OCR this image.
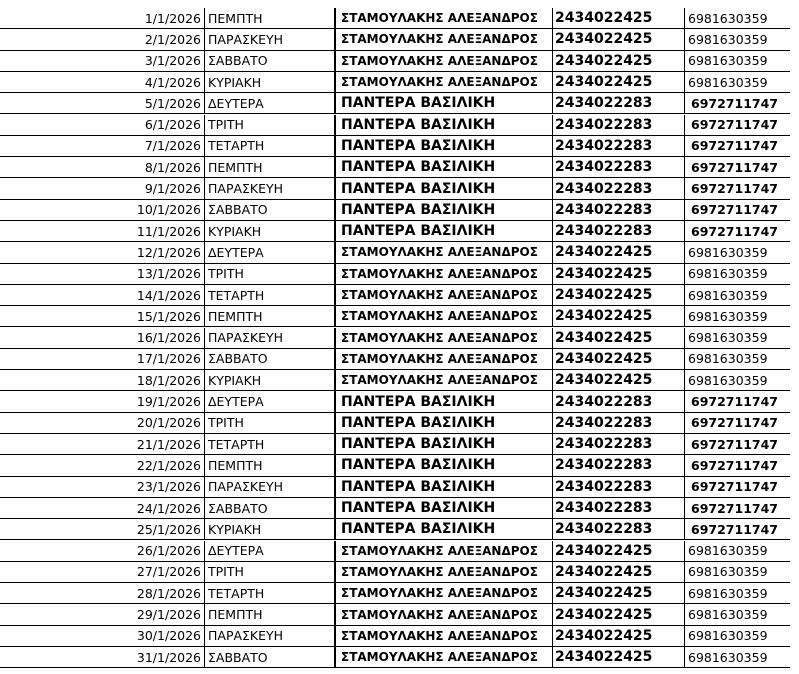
1/1/2026 ΠΕΜΠΤΗ	ΣΤΑΜΟΥΛΑΚΗΣ ΑΛΕΞΑΝΔΡΟΣ	2434022425	6981630359
2/1/2026 ΠΑΡΑΣΚΕΥΗ	ΣΤΑΜΟΥΛΑΚΗΣ ΑΛΕΞΑΝΔΡΟΣ	2434022425	6981630359
3/1/2026 ΣΑΒΒΑΤΟ	ΣΤΑΜΟΥΛΑΚΗΣ ΑΛΕΞΑΝΔΡΟΣ	2434022425	6981630359
4/1/2026 ΚΥΡΙΑΚΗ	ΣΤΑΜΟΥΛΑΚΗΣ ΑΛΕΞΑΝΔΡΟΣ	2434022425	6981630359
5/1/2026 ΔΕΥΤΕΡΑ	ΠΑΝΤΕΡΑ ΒΑΣΙΛΙΚΗ	2434022283	6972711747
6/1/2026 ΤΡΙΤΗ	ΠΑΝΤΕΡΑ ΒΑΣΙΛΙΚΗ	2434022283	6972711747
7/1/2026 ΤΕΤΑΡΤΗ	ΠΑΝΤΕΡΑ ΒΑΣΙΛΙΚΗ	2434022283	6972711747
8/1/2026 ΠΕΜΠΤΗ	ΠΑΝΤΕΡΑ ΒΑΣΙΛΙΚΗ	2434022283	6972711747
9/1/2026 ΠΑΡΑΣΚΕΥΗ	ΠΑΝΤΕΡΑ ΒΑΣΙΛΙΚΗ	2434022283	6972711747
10/1/2026 ΣΑΒΒΑΤΟ	ΠΑΝΤΕΡΑ ΒΑΣΙΛΙΚΗ	2434022283	6972711747
11/1/2026 ΚΥΡΙΑΚΗ	ΠΑΝΤΕΡΑ ΒΑΣΙΛΙΚΗ	2434022283	6972711747
12/1/2026 ΔΕΥΤΕΡΑ	ΣΤΑΜΟΥΛΑΚΗΣ ΑΛΕΞΑΝΔΡΟΣ	2434022425	6981630359
13/1/2026 ΤΡΙΤΗ	ΣΤΑΜΟΥΛΑΚΗΣ ΑΛΕΞΑΝΔΡΟΣ	2434022425	6981630359
14/1/2026 ΤΕΤΑΡΤΗ	ΣΤΑΜΟΥΛΑΚΗΣ ΑΛΕΞΑΝΔΡΟΣ	2434022425	6981630359
15/1/2026 ΠΕΜΠΤΗ	ΣΤΑΜΟΥΛΑΚΗΣ ΑΛΕΞΑΝΔΡΟΣ	2434022425	6981630359
16/1/2026 ΠΑΡΑΣΚΕΥΗ	ΣΤΑΜΟΥΛΑΚΗΣ ΑΛΕΞΑΝΔΡΟΣ	2434022425	6981630359
17/1/2026 ΣΑΒΒΑΤΟ	ΣΤΑΜΟΥΛΑΚΗΣ ΑΛΕΞΑΝΔΡΟΣ	2434022425	6981630359
18/1/2026 ΚΥΡΙΑΚΗ	ΣΤΑΜΟΥΛΑΚΗΣ ΑΛΕΞΑΝΔΡΟΣ	2434022425	6981630359
19/1/2026 ΔΕΥΤΕΡΑ	ΠΑΝΤΕΡΑ ΒΑΣΙΛΙΚΗ	2434022283	6972711747
20/1/2026 ΤΡΙΤΗ	ΠΑΝΤΕΡΑ ΒΑΣΙΛΙΚΗ	2434022283	6972711747
21/1/2026 ΤΕΤΑΡΤΗ	ΠΑΝΤΕΡΑ ΒΑΣΙΛΙΚΗ	2434022283	6972711747
22/1/2026 ΠΕΜΠΤΗ	ΠΑΝΤΕΡΑ ΒΑΣΙΛΙΚΗ	2434022283	6972711747
23/1/2026 ΠΑΡΑΣΚΕΥΗ	ΠΑΝΤΕΡΑ ΒΑΣΙΛΙΚΗ	2434022283	6972711747
24/1/2026 ΣΑΒΒΑΤΟ	ΠΑΝΤΕΡΑ ΒΑΣΙΛΙΚΗ	2434022283	6972711747
25/1/2026 ΚΥΡΙΑΚΗ	ΠΑΝΤΕΡΑ ΒΑΣΙΛΙΚΗ	2434022283	6972711747
26/1/2026 ΔΕΥΤΕΡΑ	ΣΤΑΜΟΥΛΑΚΗΣ ΑΛΕΞΑΝΔΡΟΣ	2434022425	6981630359
27/1/2026 ΤΡΙΤΗ	ΣΤΑΜΟΥΛΑΚΗΣ ΑΛΕΞΑΝΔΡΟΣ	2434022425	6981630359
28/1/2026 ΤΕΤΑΡΤΗ	ΣΤΑΜΟΥΛΑΚΗΣ ΑΛΕΞΑΝΔΡΟΣ	2434022425	6981630359
29/1/2026 ΠΕΜΠΤΗ	ΣΤΑΜΟΥΛΑΚΗΣ ΑΛΕΞΑΝΔΡΟΣ	2434022425	6981630359
30/1/2026 ΠΑΡΑΣΚΕΥΗ	ΣΤΑΜΟΥΛΑΚΗΣ ΑΛΕΞΑΝΔΡΟΣ	2434022425	6981630359
31/1/2026 ΣΑΒΒΑΤΟ	ΣΤΑΜΟΥΛΑΚΗΣ ΑΛΕΞΑΝΔΡΟΣ	2434022425	6981630359
